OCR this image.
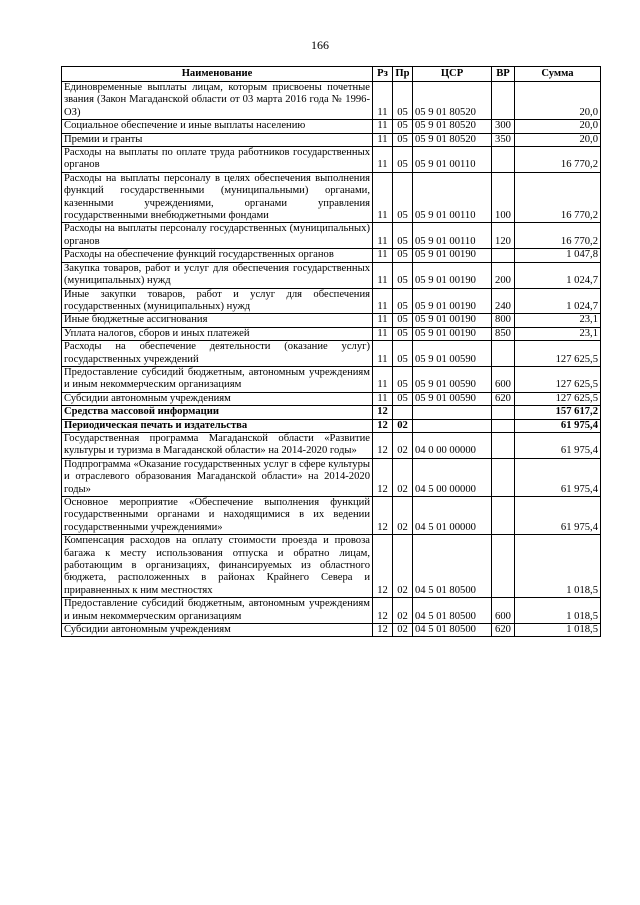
166
Наименование	Рз	Пр	ЦСР	ВР	Сумма
Единовременные выплаты лицам, которым присвоены почетные звания (Закон Магаданской области от 03 марта 2016 года № 1996-ОЗ)	11	05	05 9 01 80520		20,0
Социальное обеспечение и иные выплаты населению	11	05	05 9 01 80520	300	20,0
Премии и гранты	11	05	05 9 01 80520	350	20,0
Расходы на выплаты по оплате труда работников государственных органов	11	05	05 9 01 00110		16 770,2
Расходы на выплаты персоналу в целях обеспечения выполнения функций государственными (муниципальными) органами, казенными учреждениями, органами управления государственными внебюджетными фондами	11	05	05 9 01 00110	100	16 770,2
Расходы на выплаты персоналу государственных (муниципальных) органов	11	05	05 9 01 00110	120	16 770,2
Расходы на обеспечение функций государственных органов	11	05	05 9 01 00190		1 047,8
Закупка товаров, работ и услуг для обеспечения государственных (муниципальных) нужд	11	05	05 9 01 00190	200	1 024,7
Иные закупки товаров, работ и услуг для обеспечения государственных (муниципальных) нужд	11	05	05 9 01 00190	240	1 024,7
Иные бюджетные ассигнования	11	05	05 9 01 00190	800	23,1
Уплата налогов, сборов и иных платежей	11	05	05 9 01 00190	850	23,1
Расходы на обеспечение деятельности (оказание услуг) государственных учреждений	11	05	05 9 01 00590		127 625,5
Предоставление субсидий бюджетным, автономным учреждениям и иным некоммерческим организациям	11	05	05 9 01 00590	600	127 625,5
Субсидии автономным учреждениям	11	05	05 9 01 00590	620	127 625,5
Средства массовой информации	12				157 617,2
Периодическая печать и издательства	12	02			61 975,4
Государственная программа Магаданской области «Развитие культуры и туризма в Магаданской области» на 2014-2020 годы»	12	02	04 0 00 00000		61 975,4
Подпрограмма «Оказание государственных услуг в сфере культуры и отраслевого образования Магаданской области» на 2014-2020 годы»	12	02	04 5 00 00000		61 975,4
Основное мероприятие «Обеспечение выполнения функций государственными органами и находящимися в их ведении государственными учреждениями»	12	02	04 5 01 00000		61 975,4
Компенсация расходов на оплату стоимости проезда и провоза багажа к месту использования отпуска и обратно лицам, работающим в организациях, финансируемых из областного бюджета, расположенных в районах Крайнего Севера и приравненных к ним местностях	12	02	04 5 01 80500		1 018,5
Предоставление субсидий бюджетным, автономным учреждениям и иным некоммерческим организациям	12	02	04 5 01 80500	600	1 018,5
Субсидии автономным учреждениям	12	02	04 5 01 80500	620	1 018,5
